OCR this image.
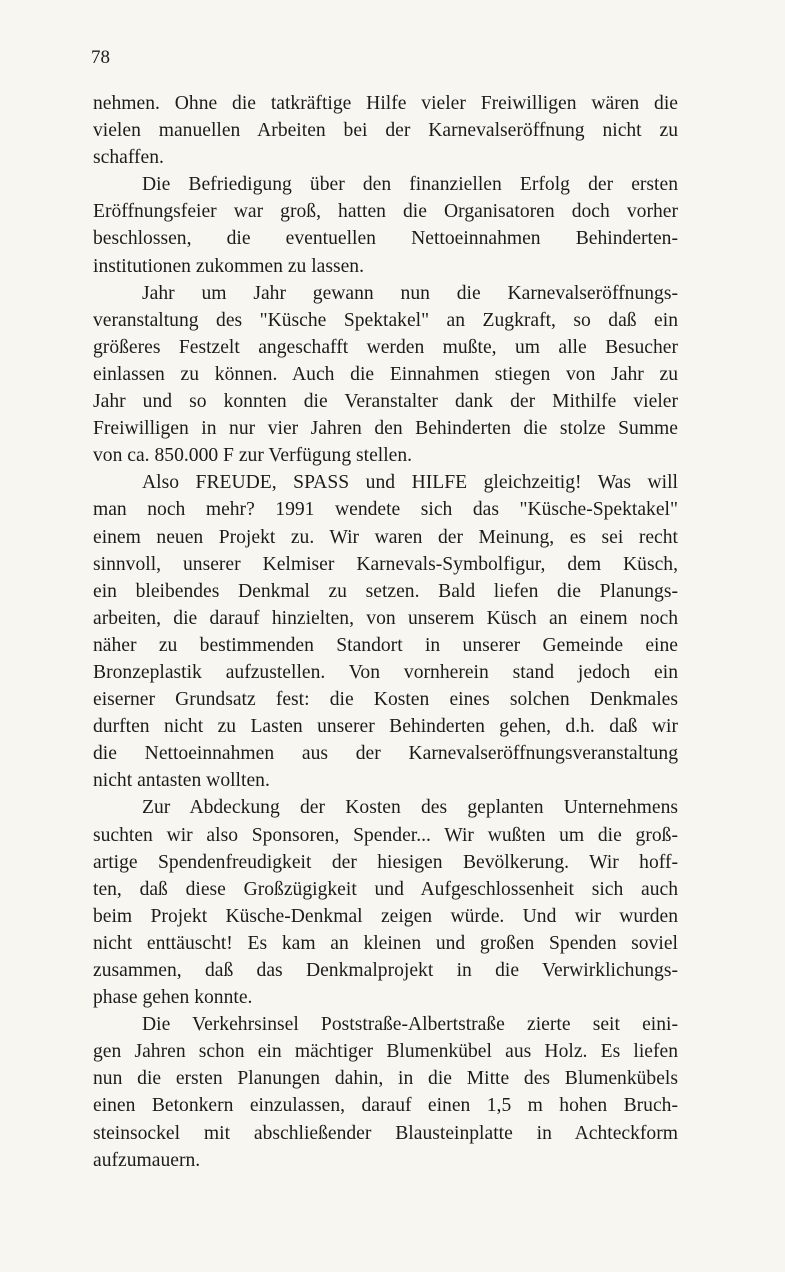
78
nehmen. Ohne die tatkräftige Hilfe vieler Freiwilligen wären die
vielen manuellen Arbeiten bei der Karnevalseröffnung nicht zu
schaffen.
Die Befriedigung über den finanziellen Erfolg der ersten
Eröffnungsfeier war groß, hatten die Organisatoren doch vorher
beschlossen, die eventuellen Nettoeinnahmen Behinderten-
institutionen zukommen zu lassen.
Jahr um Jahr gewann nun die Karnevalseröffnungs-
veranstaltung des "Küsche Spektakel" an Zugkraft, so daß ein
größeres Festzelt angeschafft werden mußte, um alle Besucher
einlassen zu können. Auch die Einnahmen stiegen von Jahr zu
Jahr und so konnten die Veranstalter dank der Mithilfe vieler
Freiwilligen in nur vier Jahren den Behinderten die stolze Summe
von ca. 850.000 F zur Verfügung stellen.
Also FREUDE, SPASS und HILFE gleichzeitig! Was will
man noch mehr? 1991 wendete sich das "Küsche-Spektakel"
einem neuen Projekt zu. Wir waren der Meinung, es sei recht
sinnvoll, unserer Kelmiser Karnevals-Symbolfigur, dem Küsch,
ein bleibendes Denkmal zu setzen. Bald liefen die Planungs-
arbeiten, die darauf hinzielten, von unserem Küsch an einem noch
näher zu bestimmenden Standort in unserer Gemeinde eine
Bronzeplastik aufzustellen. Von vornherein stand jedoch ein
eiserner Grundsatz fest: die Kosten eines solchen Denkmales
durften nicht zu Lasten unserer Behinderten gehen, d.h. daß wir
die Nettoeinnahmen aus der Karnevalseröffnungsveranstaltung
nicht antasten wollten.
Zur Abdeckung der Kosten des geplanten Unternehmens
suchten wir also Sponsoren, Spender... Wir wußten um die groß-
artige Spendenfreudigkeit der hiesigen Bevölkerung. Wir hoff-
ten, daß diese Großzügigkeit und Aufgeschlossenheit sich auch
beim Projekt Küsche-Denkmal zeigen würde. Und wir wurden
nicht enttäuscht! Es kam an kleinen und großen Spenden soviel
zusammen, daß das Denkmalprojekt in die Verwirklichungs-
phase gehen konnte.
Die Verkehrsinsel Poststraße-Albertstraße zierte seit eini-
gen Jahren schon ein mächtiger Blumenkübel aus Holz. Es liefen
nun die ersten Planungen dahin, in die Mitte des Blumenkübels
einen Betonkern einzulassen, darauf einen 1,5 m hohen Bruch-
steinsockel mit abschließender Blausteinplatte in Achteckform
aufzumauern.
